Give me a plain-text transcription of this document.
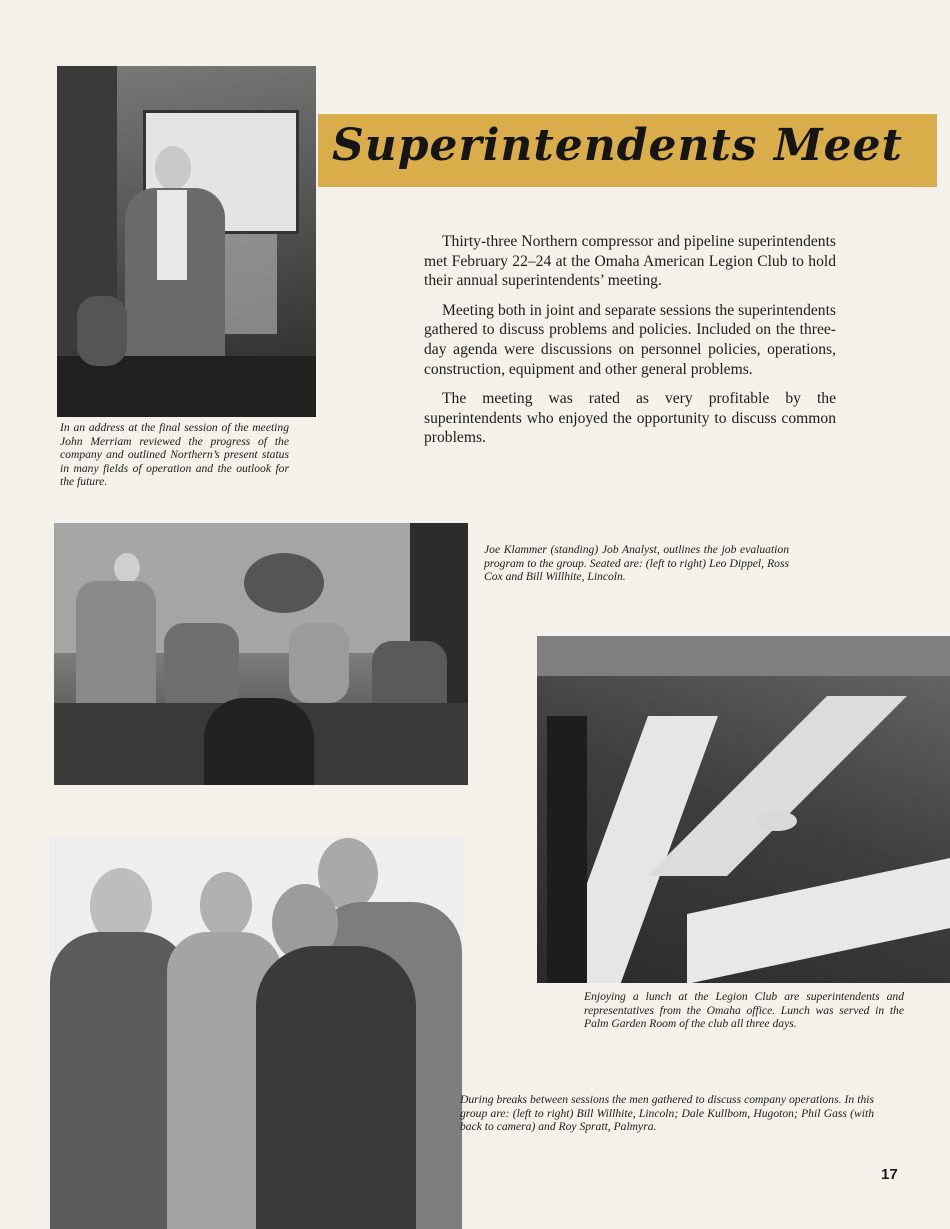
In an address at the final session of the meeting John Merriam reviewed the progress of the company and outlined Northern’s present status in many fields of operation and the outlook for the future.
Superintendents Meet

Thirty-three Northern compressor and pipeline superintendents met February 22–24 at the Omaha American Legion Club to hold their annual superintendents’ meeting.

Meeting both in joint and separate sessions the superintendents gathered to discuss problems and policies. Included on the three-day agenda were discussions on personnel policies, operations, construction, equipment and other general problems.

The meeting was rated as very profitable by the superintendents who enjoyed the opportunity to discuss common problems.

Joe Klammer (standing) Job Analyst, outlines the job evaluation program to the group. Seated are: (left to right) Leo Dippel, Ross Cox and Bill Willhite, Lincoln.
Enjoying a lunch at the Legion Club are superintendents and representatives from the Omaha office. Lunch was served in the Palm Garden Room of the club all three days.
During breaks between sessions the men gathered to discuss company operations. In this group are: (left to right) Bill Willhite, Lincoln; Dale Kullbom, Hugoton; Phil Gass (with back to camera) and Roy Spratt, Palmyra.
17
